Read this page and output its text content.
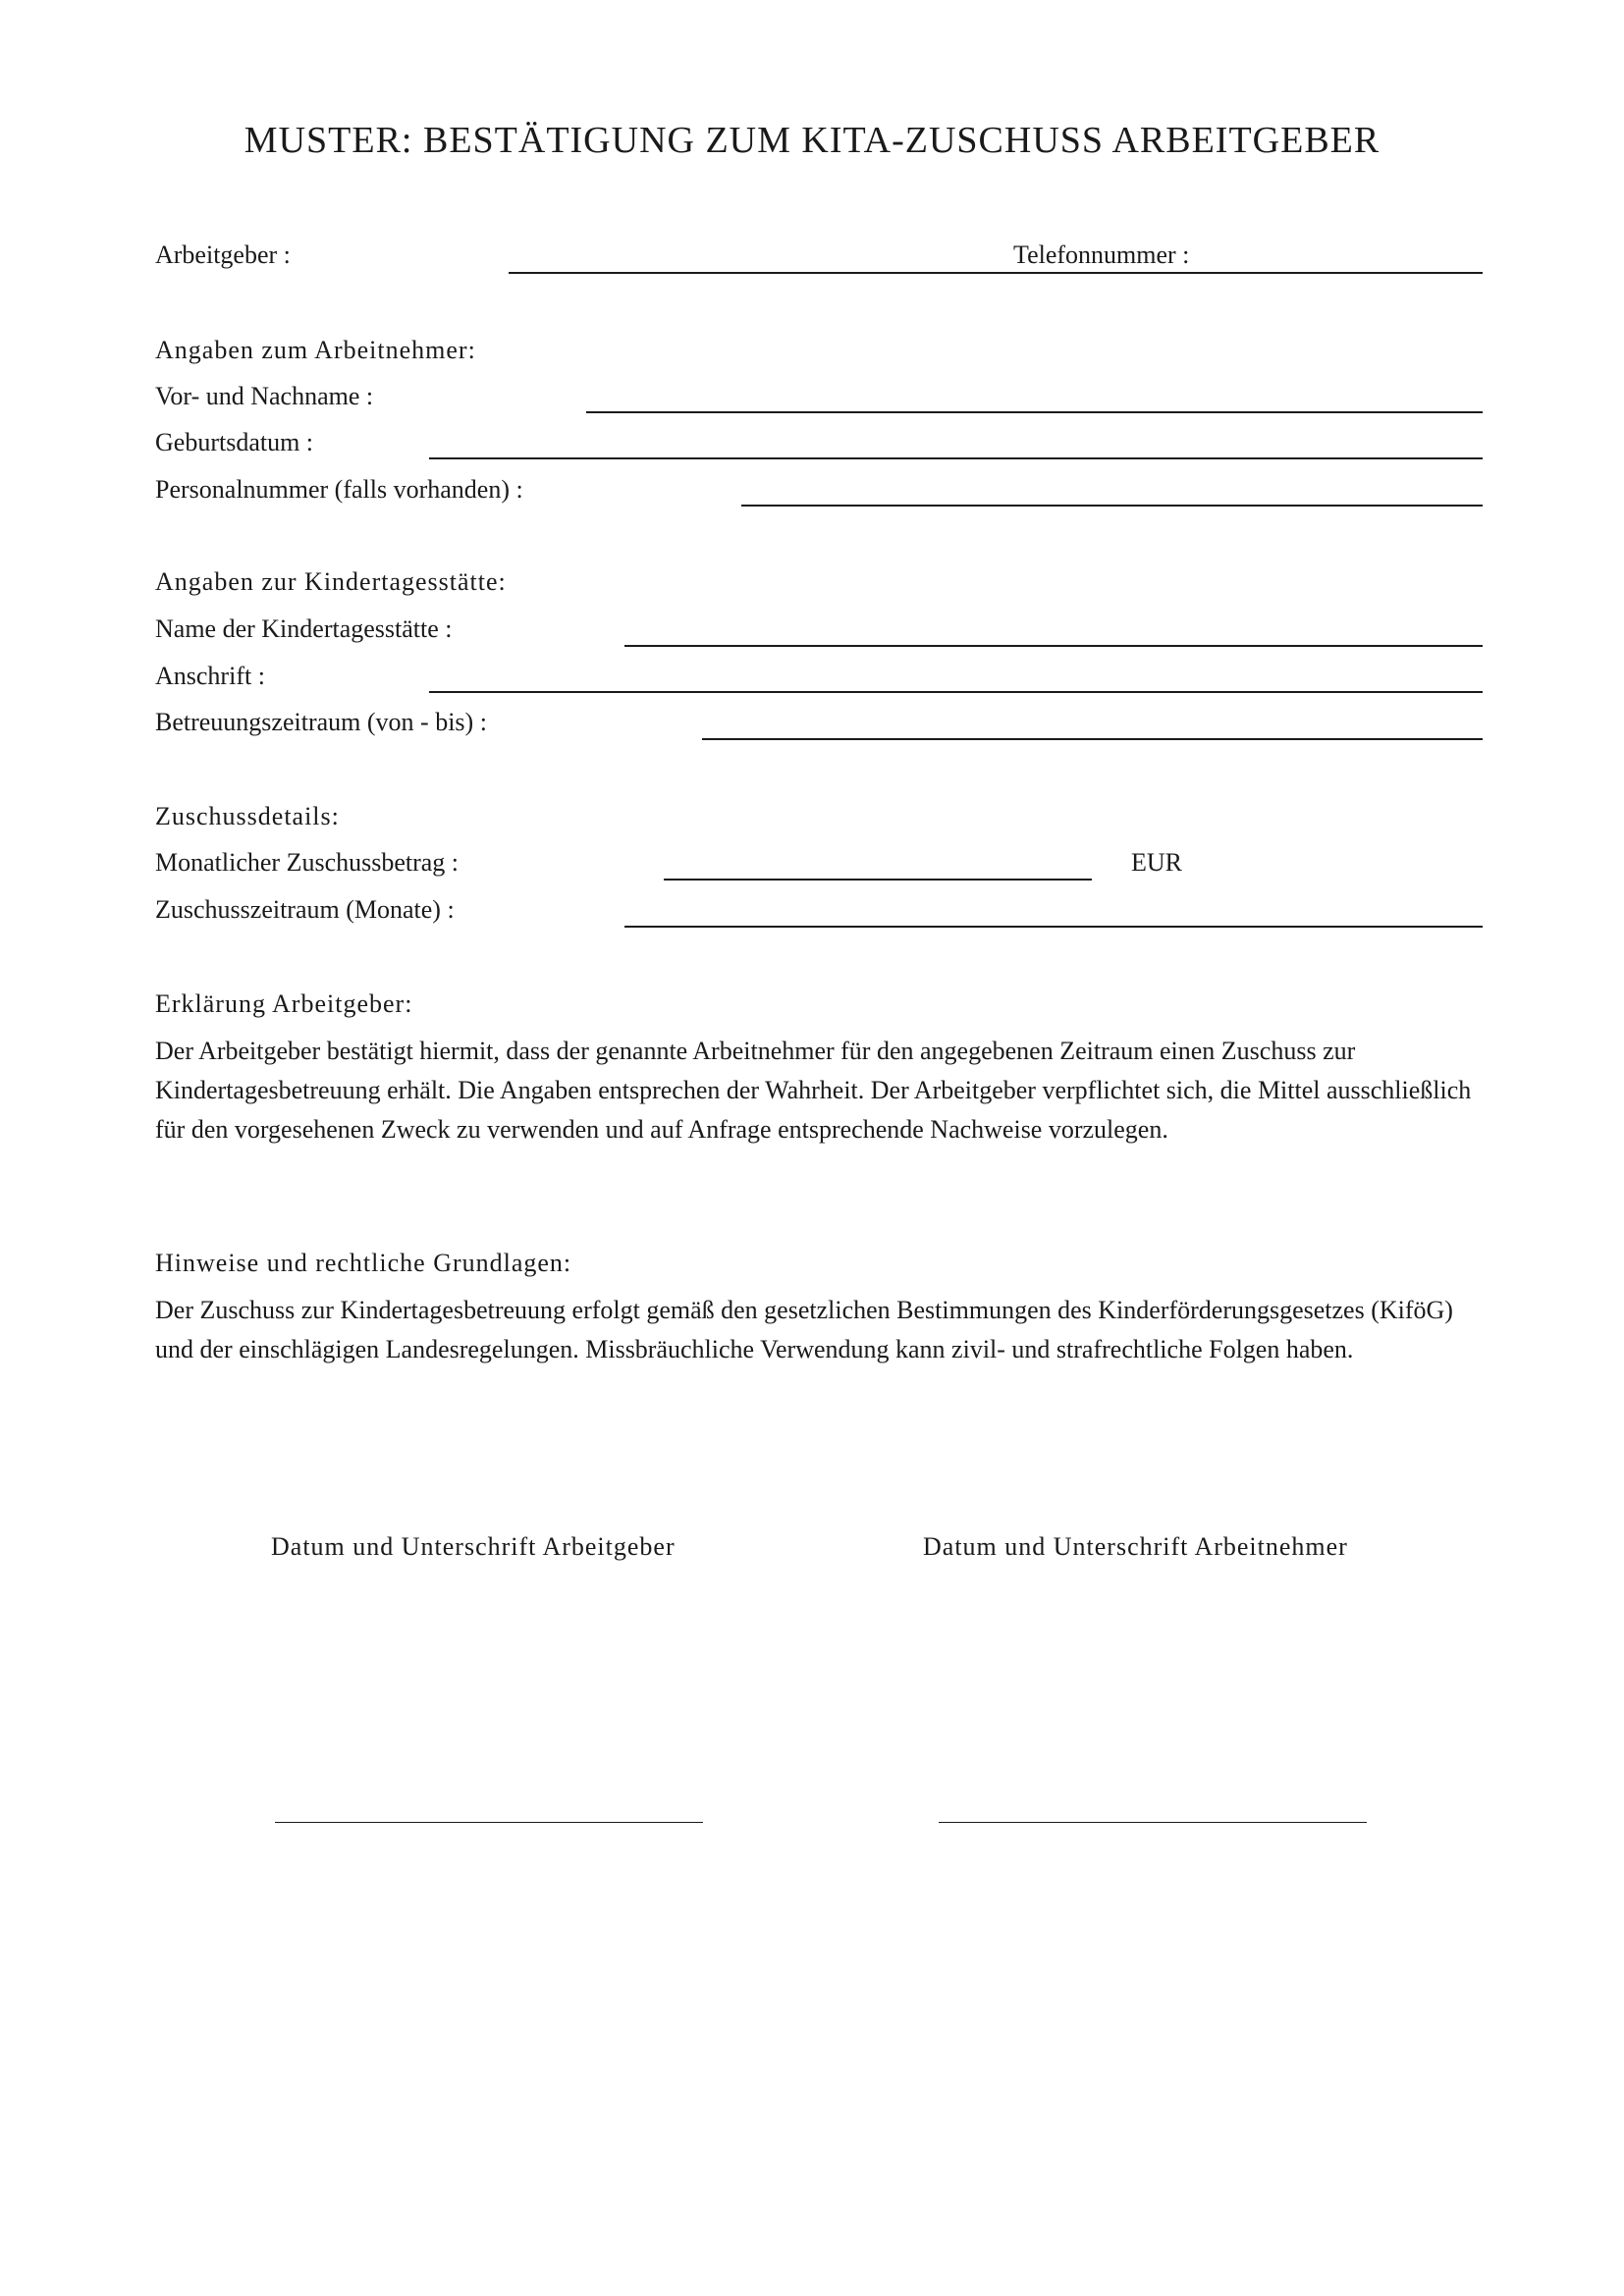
MUSTER: BESTÄTIGUNG ZUM KITA-ZUSCHUSS ARBEITGEBER
Arbeitgeber :	Telefonnummer :
Angaben zum Arbeitnehmer:
Vor- und Nachname :
Geburtsdatum :
Personalnummer (falls vorhanden) :
Angaben zur Kindertagesstätte:
Name der Kindertagesstätte :
Anschrift :
Betreuungszeitraum (von - bis) :
Zuschussdetails:
Monatlicher Zuschussbetrag :	EUR
Zuschusszeitraum (Monate) :
Erklärung Arbeitgeber:
Der Arbeitgeber bestätigt hiermit, dass der genannte Arbeitnehmer für den angegebenen Zeitraum einen Zuschuss zur Kindertagesbetreuung erhält. Die Angaben entsprechen der Wahrheit. Der Arbeitgeber verpflichtet sich, die Mittel ausschließlich für den vorgesehenen Zweck zu verwenden und auf Anfrage entsprechende Nachweise vorzulegen.
Hinweise und rechtliche Grundlagen:
Der Zuschuss zur Kindertagesbetreuung erfolgt gemäß den gesetzlichen Bestimmungen des Kinderförderungsgesetzes (KiföG) und der einschlägigen Landesregelungen. Missbräuchliche Verwendung kann zivil- und strafrechtliche Folgen haben.
Datum und Unterschrift Arbeitgeber	Datum und Unterschrift Arbeitnehmer
